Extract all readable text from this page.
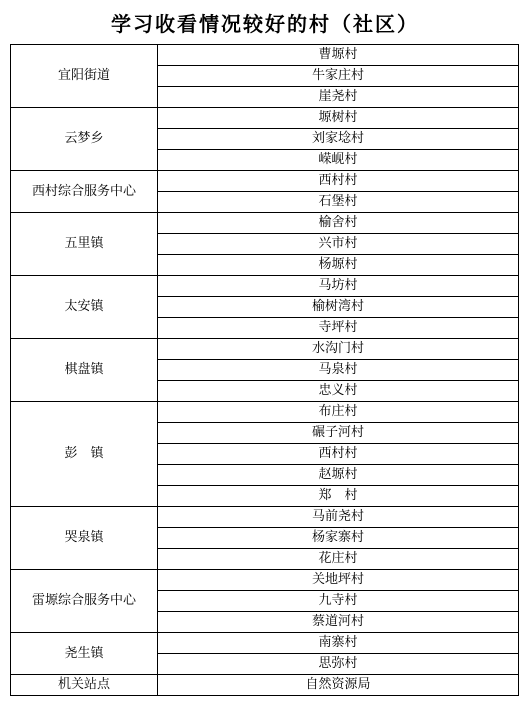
学习收看情况较好的村（社区）
宜阳街道	曹塬村
	牛家庄村
	崖尧村
云梦乡	塬树村
	刘家埝村
	嵘岘村
西村综合服务中心	西村村
	石堡村
五里镇	榆舍村
	兴市村
	杨塬村
太安镇	马坊村
	榆树湾村
	寺坪村
棋盘镇	水沟门村
	马泉村
	忠义村
彭　镇	布庄村
	碾子河村
	西村村
	赵塬村
	郑　村
哭泉镇	马前尧村
	杨家寨村
	花庄村
雷塬综合服务中心	关地坪村
	九寺村
	蔡道河村
尧生镇	南寨村
	思弥村
机关站点	自然资源局
